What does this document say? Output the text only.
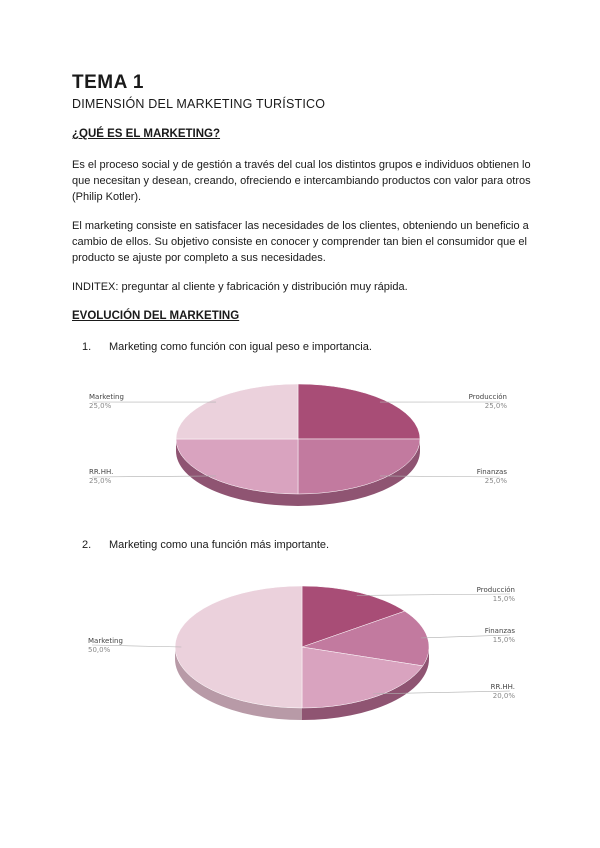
TEMA 1
DIMENSIÓN DEL MARKETING TURÍSTICO
¿QUÉ ES EL MARKETING?
Es el proceso social y de gestión a través del cual los distintos grupos e individuos obtienen lo que necesitan y desean, creando, ofreciendo e intercambiando productos con valor para otros (Philip Kotler).
El marketing consiste en satisfacer las necesidades de los clientes, obteniendo un beneficio a cambio de ellos. Su objetivo consiste en conocer y comprender tan bien el consumidor que el producto se ajuste por completo a sus necesidades.
INDITEX: preguntar al cliente y fabricación y distribución muy rápida.
EVOLUCIÓN DEL MARKETING
1. Marketing como función con igual peso e importancia.
Producción
25,0%
Finanzas
25,0%
RR.HH.
25,0%
Marketing
25,0%
2. Marketing como una función más importante.
Producción
15,0%
Finanzas
15,0%
RR.HH.
20,0%
Marketing
50,0%
